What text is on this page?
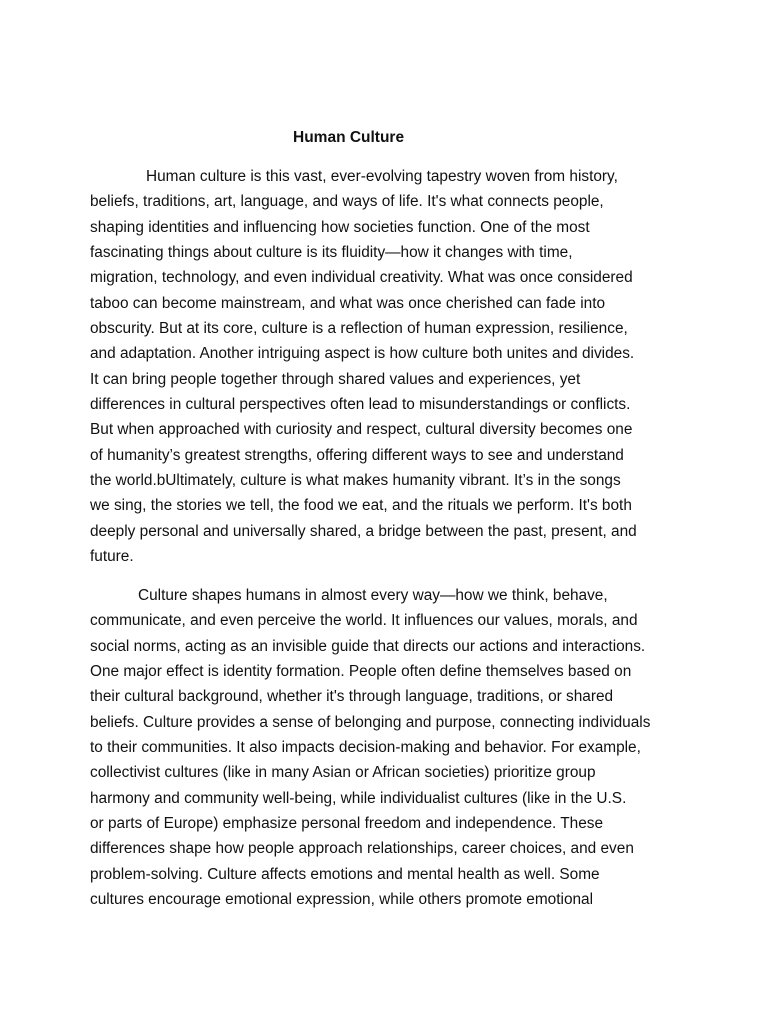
Human Culture

Human culture is this vast, ever-evolving tapestry woven from history,
beliefs, traditions, art, language, and ways of life. It's what connects people,
shaping identities and influencing how societies function. One of the most
fascinating things about culture is its fluidity—how it changes with time,
migration, technology, and even individual creativity. What was once considered
taboo can become mainstream, and what was once cherished can fade into
obscurity. But at its core, culture is a reflection of human expression, resilience,
and adaptation. Another intriguing aspect is how culture both unites and divides.
It can bring people together through shared values and experiences, yet
differences in cultural perspectives often lead to misunderstandings or conflicts.
But when approached with curiosity and respect, cultural diversity becomes one
of humanity’s greatest strengths, offering different ways to see and understand
the world.bUltimately, culture is what makes humanity vibrant. It’s in the songs
we sing, the stories we tell, the food we eat, and the rituals we perform. It's both
deeply personal and universally shared, a bridge between the past, present, and
future.

Culture shapes humans in almost every way—how we think, behave,
communicate, and even perceive the world. It influences our values, morals, and
social norms, acting as an invisible guide that directs our actions and interactions.
One major effect is identity formation. People often define themselves based on
their cultural background, whether it's through language, traditions, or shared
beliefs. Culture provides a sense of belonging and purpose, connecting individuals
to their communities. It also impacts decision-making and behavior. For example,
collectivist cultures (like in many Asian or African societies) prioritize group
harmony and community well-being, while individualist cultures (like in the U.S.
or parts of Europe) emphasize personal freedom and independence. These
differences shape how people approach relationships, career choices, and even
problem-solving. Culture affects emotions and mental health as well. Some
cultures encourage emotional expression, while others promote emotional
